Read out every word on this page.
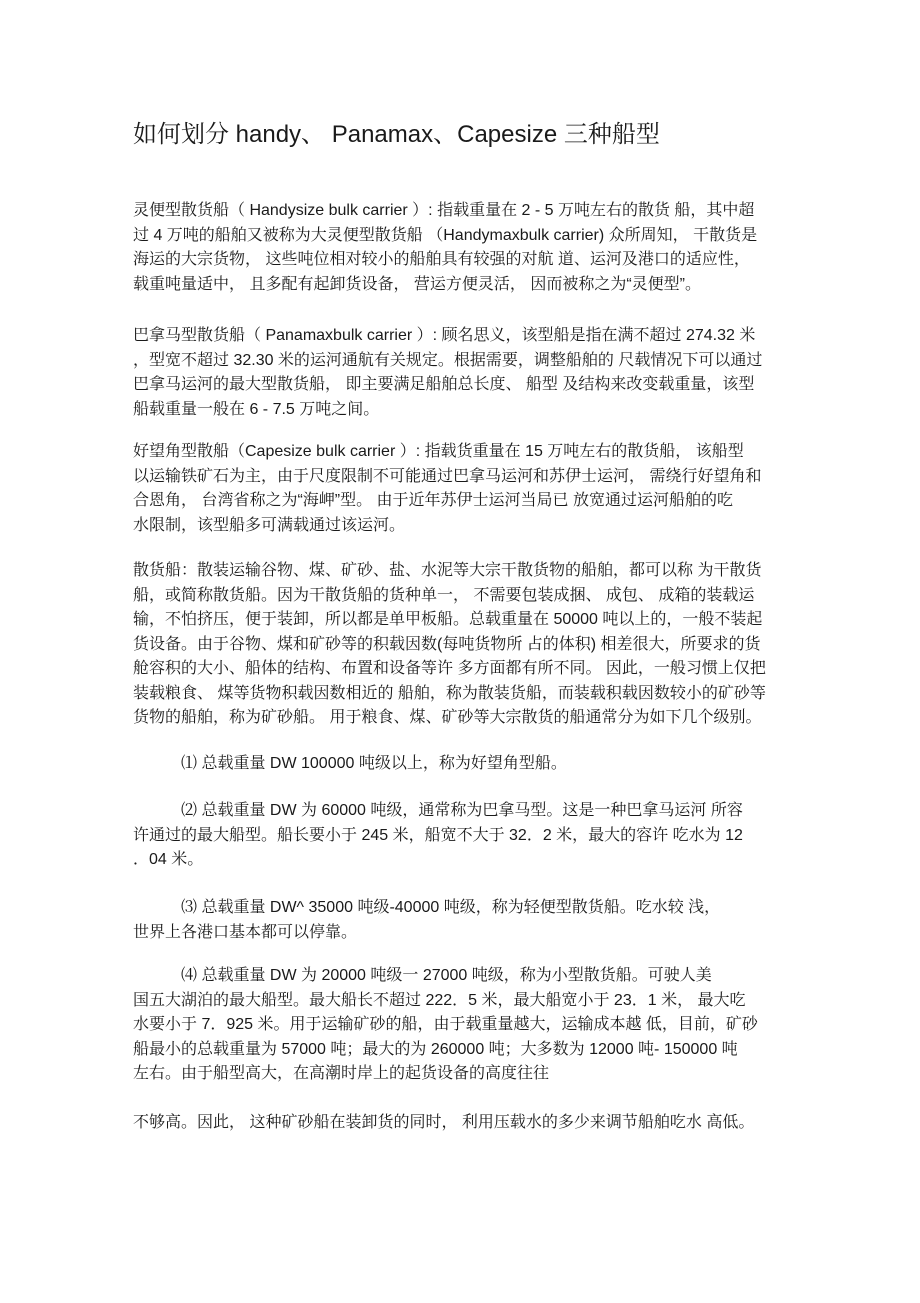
如何划分 handy、 Panamax、Capesize 三种船型
灵便型散货船（ Handysize bulk carrier ）: 指载重量在 2 - 5 万吨左右的散货 船，其中超
过 4 万吨的船舶又被称为大灵便型散货船 （Handymaxbulk carrier) 众所周知， 干散货是
海运的大宗货物， 这些吨位相对较小的船舶具有较强的对航 道、运河及港口的适应性，
载重吨量适中， 且多配有起卸货设备， 营运方便灵活， 因而被称之为“灵便型”。
巴拿马型散货船（ Panamaxbulk carrier ）: 顾名思义，该型船是指在满不超过 274.32 米
，型宽不超过 32.30 米的运河通航有关规定。根据需要，调整船舶的 尺载情况下可以通过
巴拿马运河的最大型散货船， 即主要满足船舶总长度、 船型 及结构来改变载重量，该型
船载重量一般在 6 - 7.5 万吨之间。
好望角型散船（Capesize bulk carrier ）: 指载货重量在 15 万吨左右的散货船， 该船型
以运输铁矿石为主，由于尺度限制不可能通过巴拿马运河和苏伊士运河， 需绕行好望角和
合恩角， 台湾省称之为“海岬”型。 由于近年苏伊士运河当局已 放宽通过运河船舶的吃
水限制，该型船多可满载通过该运河。
散货船：散装运输谷物、煤、矿砂、盐、水泥等大宗干散货物的船舶，都可以称 为干散货
船，或简称散货船。因为干散货船的货种单一， 不需要包装成捆、 成包、 成箱的装载运
输，不怕挤压，便于装卸，所以都是单甲板船。总载重量在 50000 吨以上的，一般不装起
货设备。由于谷物、煤和矿砂等的积载因数(每吨货物所 占的体积) 相差很大，所要求的货
舱容积的大小、船体的结构、布置和设备等许 多方面都有所不同。 因此，一般习惯上仅把
装载粮食、 煤等货物积载因数相近的 船舶，称为散装货船，而装载积载因数较小的矿砂等
货物的船舶，称为矿砂船。 用于粮食、煤、矿砂等大宗散货的船通常分为如下几个级别。
⑴ 总载重量 DW 100000 吨级以上，称为好望角型船。
⑵ 总载重量 DW 为 60000 吨级，通常称为巴拿马型。这是一种巴拿马运河 所容
许通过的最大船型。船长要小于 245 米，船宽不大于 32．2 米，最大的容许 吃水为 12
．04 米。
⑶ 总载重量 DW^ 35000 吨级-40000 吨级，称为轻便型散货船。吃水较 浅，
世界上各港口基本都可以停靠。
⑷ 总载重量 DW 为 20000 吨级一 27000 吨级，称为小型散货船。可驶人美
国五大湖泊的最大船型。最大船长不超过 222．5 米，最大船宽小于 23．1 米， 最大吃
水要小于 7．925 米。用于运输矿砂的船，由于载重量越大，运输成本越 低，目前，矿砂
船最小的总载重量为 57000 吨；最大的为 260000 吨；大多数为 12000 吨- 150000 吨
左右。由于船型高大，在高潮时岸上的起货设备的高度往往
不够高。因此， 这种矿砂船在装卸货的同时， 利用压载水的多少来调节船舶吃水 高低。
